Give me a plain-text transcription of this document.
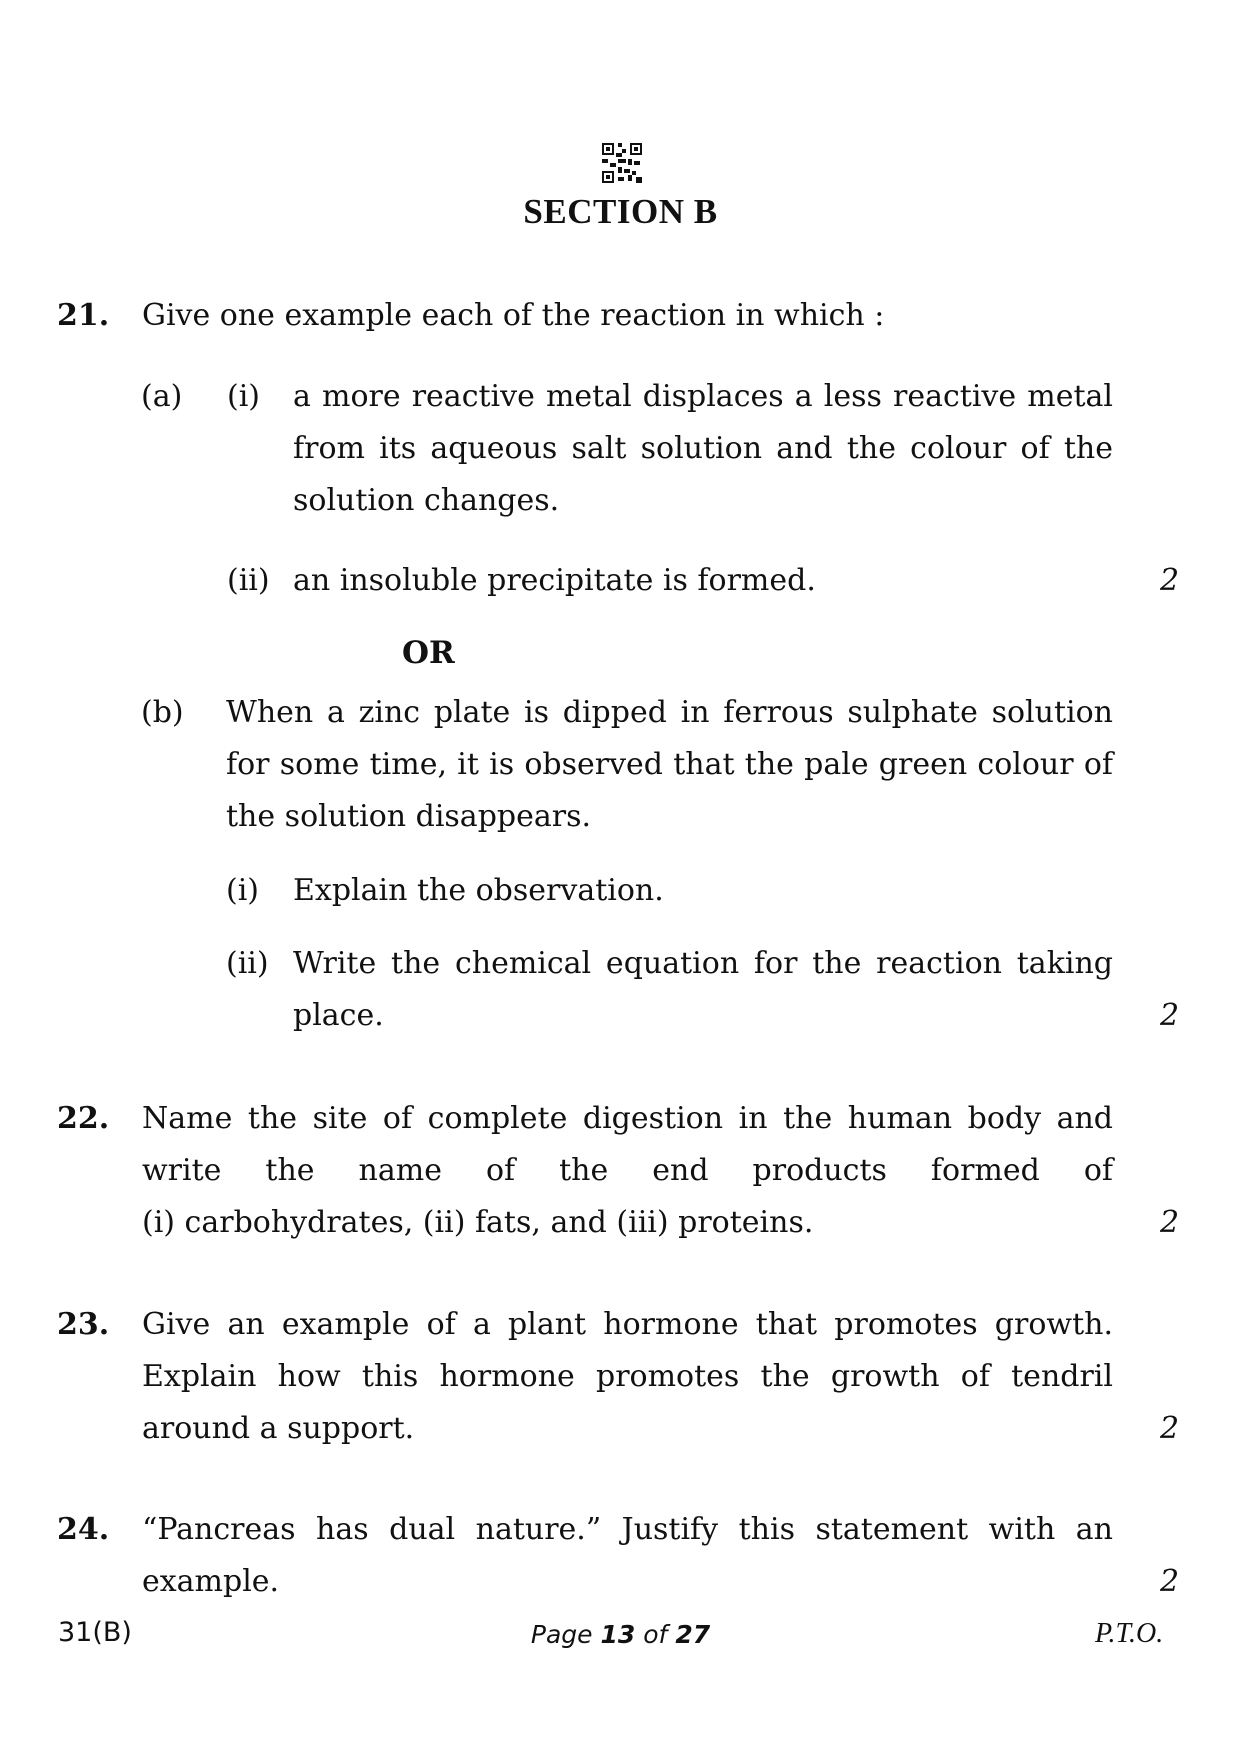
SECTION B
21. Give one example each of the reaction in which :
(a) (i) a more reactive metal displaces a less reactive metal
from its aqueous salt solution and the colour of the
solution changes.
(ii) an insoluble precipitate is formed.	2
OR
(b) When a zinc plate is dipped in ferrous sulphate solution
for some time, it is observed that the pale green colour of
the solution disappears.
(i) Explain the observation.
(ii) Write the chemical equation for the reaction taking
place.	2
22. Name the site of complete digestion in the human body and
write the name of the end products formed of
(i) carbohydrates, (ii) fats, and (iii) proteins.	2
23. Give an example of a plant hormone that promotes growth.
Explain how this hormone promotes the growth of tendril
around a support.	2
24. “Pancreas has dual nature.” Justify this statement with an
example.	2
31(B)	Page 13 of 27	P.T.O.
